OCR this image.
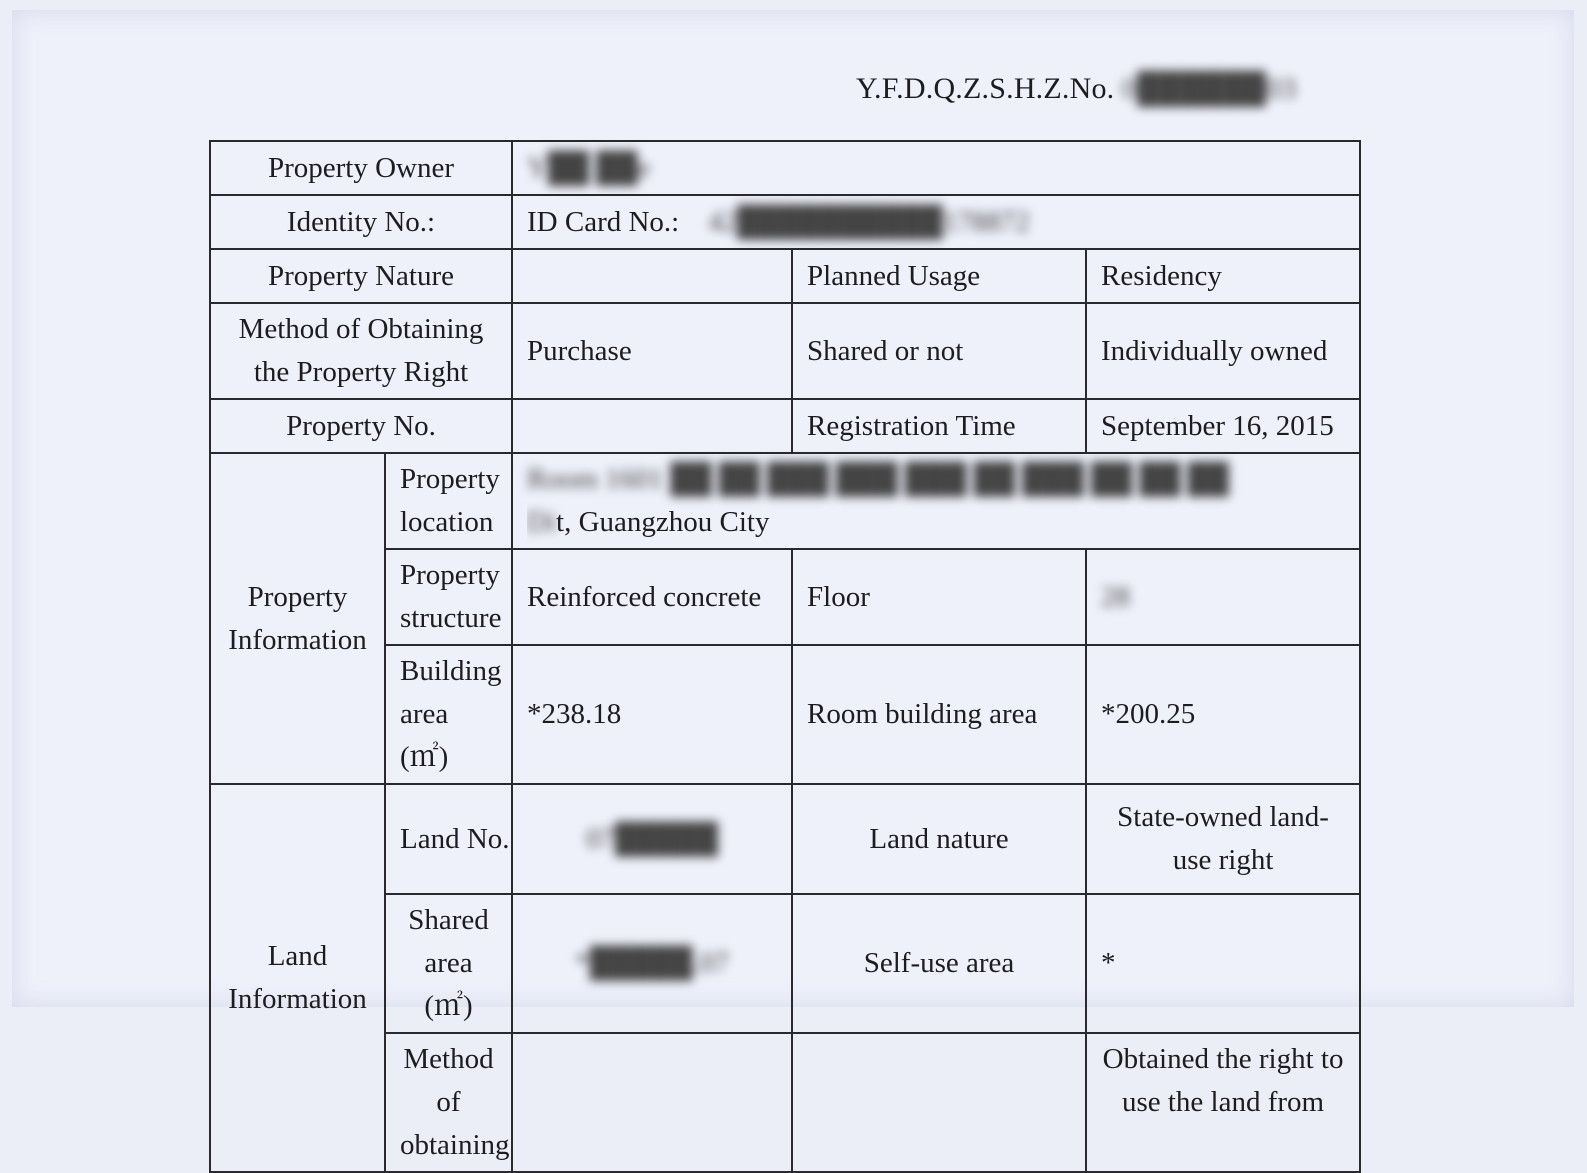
Y.F.D.Q.Z.S.H.Z.No. 0██████03
Property Owner		Y██ ██e		
Identity No.:		ID Card No.: 42██████████178872		
Property Nature			Planned Usage	Residency
Method of Obtaining the Property Right		Purchase	Shared or not	Individually owned
Property No.			Registration Time	September 16, 2015
Property Information	Property location	Room 1601 ██ ██ ███ ███ ███ ██ ███ ██ ██ ██
Dit, Guangzhou City		

	Property structure	Reinforced concrete	Floor	28
	Building area (㎡)	*238.18	Room building area	*200.25
Land Information	Land No.	07█████	Land nature	State-owned land-use right
	Shared area (㎡)	*█████.07	Self-use area	*
	Method of obtaining			Obtained the right to use the land from
